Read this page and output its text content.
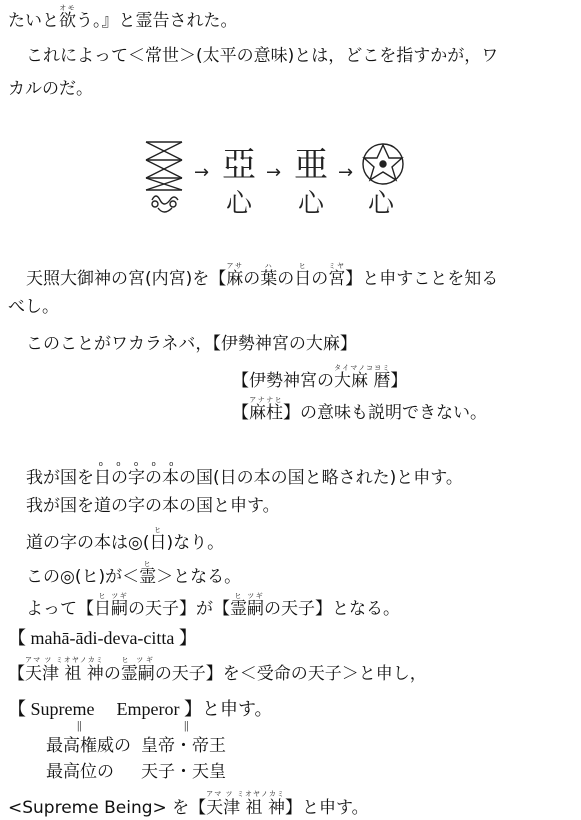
たいと欲オモう。』と霊告された。
これによって＜常世＞(太平の意味)とは，どこを指すかが，ワ
カルのだ。
→ 亞
心
→ 亜
心
→
心
天照大御神の宮(内宮)を【麻アサの葉ハの日ヒの宮ミヤ】と申すことを知る
べし。
このことがワカラネバ，【伊勢神宮の大麻】
【伊勢神宮の大麻 暦タイマノコヨミ】
【麻柱アナナヒ】の意味も説明できない。
我が国を日の字の本o o o o oの国(日の本の国と略された)と申す。
我が国を道の字の本の国と申す。
道の字の本は◎(日ヒ)なり。
この◎(ヒ)が＜霊ヒ＞となる。
よって【日ヒ嗣ツギの天子】が【霊ヒ嗣ツギの天子】となる。
【 mahā-ādi-deva-citta 】
【天津 祖 神アマ ツ ミオヤノカミの霊嗣ヒ ツギの天子】を＜受命の天子＞と申し，
【 Supreme Emperor 】と申す。
||	||
最高権威の 皇帝・帝王
最高位の 天子・天皇
<Supreme Being> を【天津 祖 神アマ ツ ミオヤノカミ】と申す。
